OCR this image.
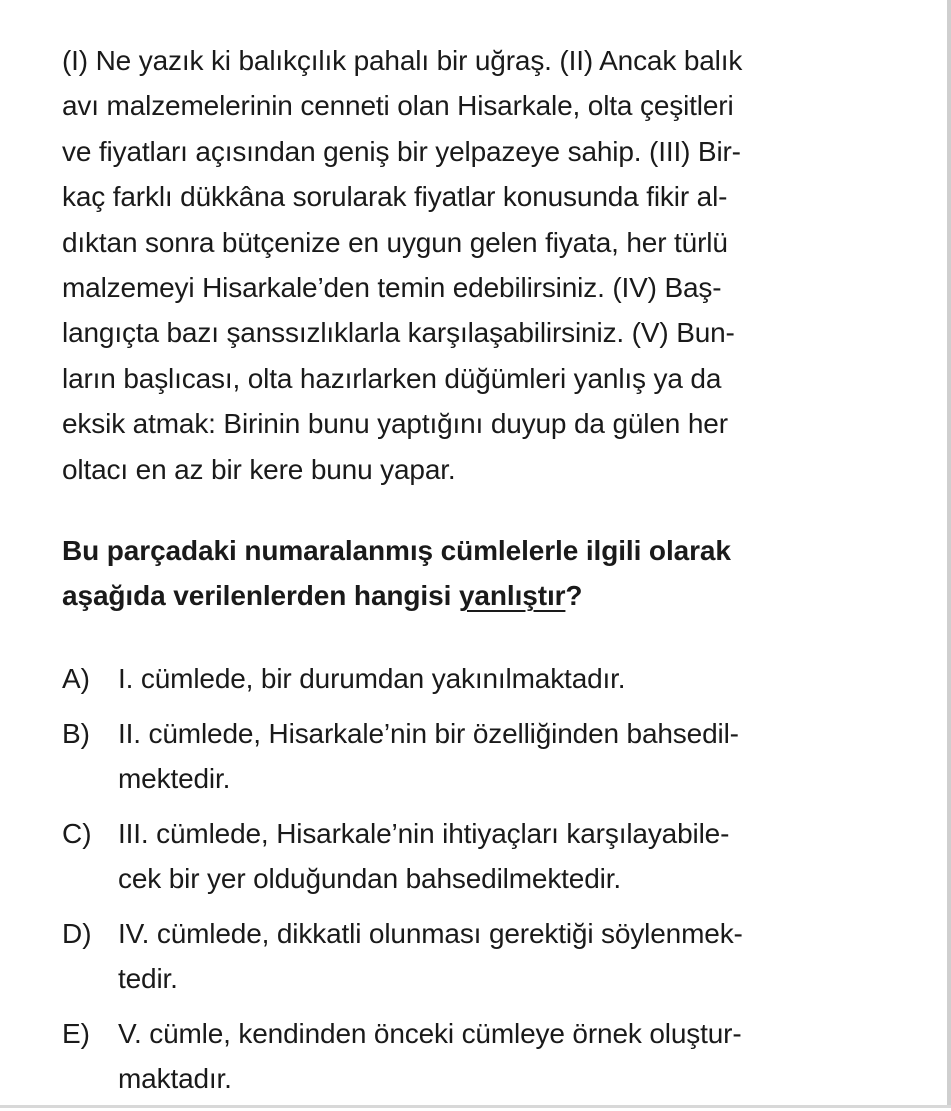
(I) Ne yazık ki balıkçılık pahalı bir uğraş. (II) Ancak balık
avı malzemelerinin cenneti olan Hisarkale, olta çeşitleri
ve fiyatları açısından geniş bir yelpazeye sahip. (III) Bir-
kaç farklı dükkâna sorularak fiyatlar konusunda fikir al-
dıktan sonra bütçenize en uygun gelen fiyata, her türlü
malzemeyi Hisarkale’den temin edebilirsiniz. (IV) Baş-
langıçta bazı şanssızlıklarla karşılaşabilirsiniz. (V) Bun-
ların başlıcası, olta hazırlarken düğümleri yanlış ya da
eksik atmak: Birinin bunu yaptığını duyup da gülen her
oltacı en az bir kere bunu yapar.
Bu parçadaki numaralanmış cümlelerle ilgili olarak
aşağıda verilenlerden hangisi yanlıştır?
A) I. cümlede, bir durumdan yakınılmaktadır.
B) II. cümlede, Hisarkale’nin bir özelliğinden bahsedil-
mektedir.
C) III. cümlede, Hisarkale’nin ihtiyaçları karşılayabile-
cek bir yer olduğundan bahsedilmektedir.
D) IV. cümlede, dikkatli olunması gerektiği söylenmek-
tedir.
E) V. cümle, kendinden önceki cümleye örnek oluştur-
maktadır.
